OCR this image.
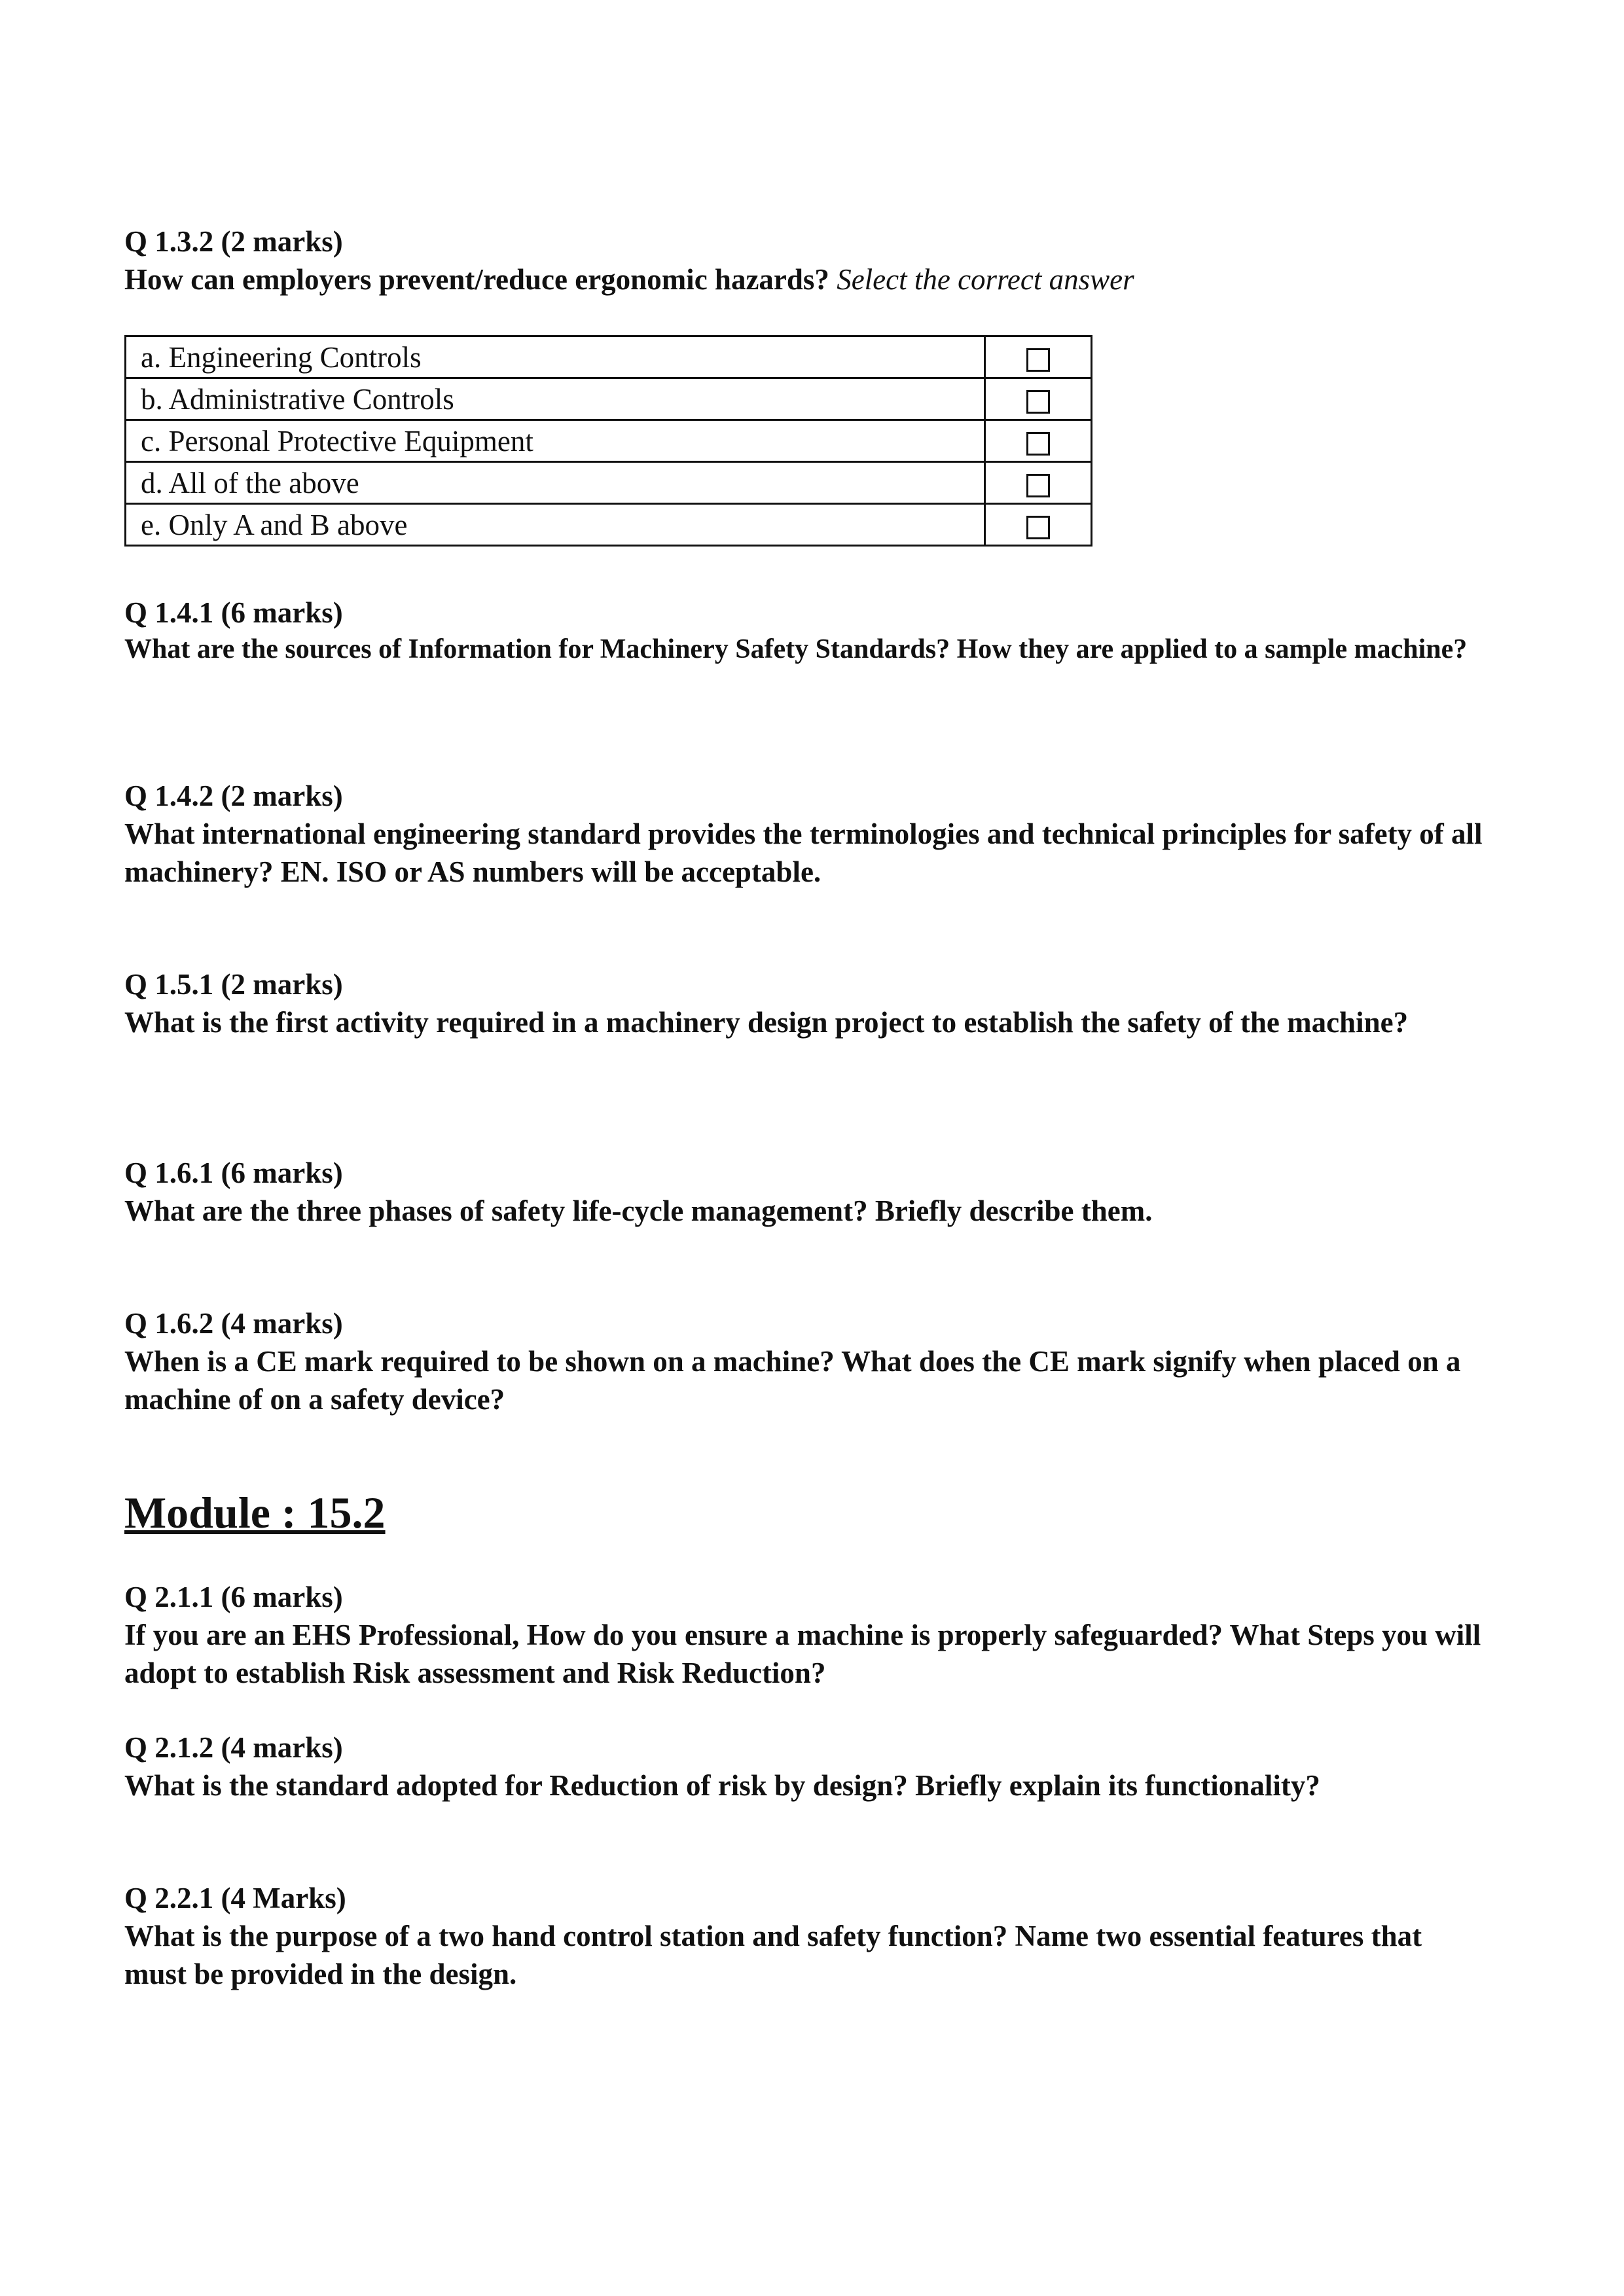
Q 1.3.2 (2 marks)

How can employers prevent/reduce ergonomic hazards? Select the correct answer

a. Engineering Controls	
b. Administrative Controls	
c. Personal Protective Equipment	
d. All of the above	
e. Only A and B above	

Q 1.4.1 (6 marks)

What are the sources of Information for Machinery Safety Standards? How they are applied to a sample machine?

Q 1.4.2 (2 marks)

What international engineering standard provides the terminologies and technical principles for safety of all machinery? EN. ISO or AS numbers will be acceptable.

Q 1.5.1 (2 marks)

What is the first activity required in a machinery design project to establish the safety of the machine?

Q 1.6.1 (6 marks)

What are the three phases of safety life-cycle management? Briefly describe them.

Q 1.6.2 (4 marks)

When is a CE mark required to be shown on a machine? What does the CE mark signify when placed on a machine of on a safety device?

Module : 15.2

Q 2.1.1 (6 marks)

If you are an EHS Professional, How do you ensure a machine is properly safeguarded? What Steps you will adopt to establish Risk assessment and Risk Reduction?

Q 2.1.2 (4 marks)

What is the standard adopted for Reduction of risk by design? Briefly explain its functionality?

Q 2.2.1 (4 Marks)

What is the purpose of a two hand control station and safety function? Name two essential features that must be provided in the design.
